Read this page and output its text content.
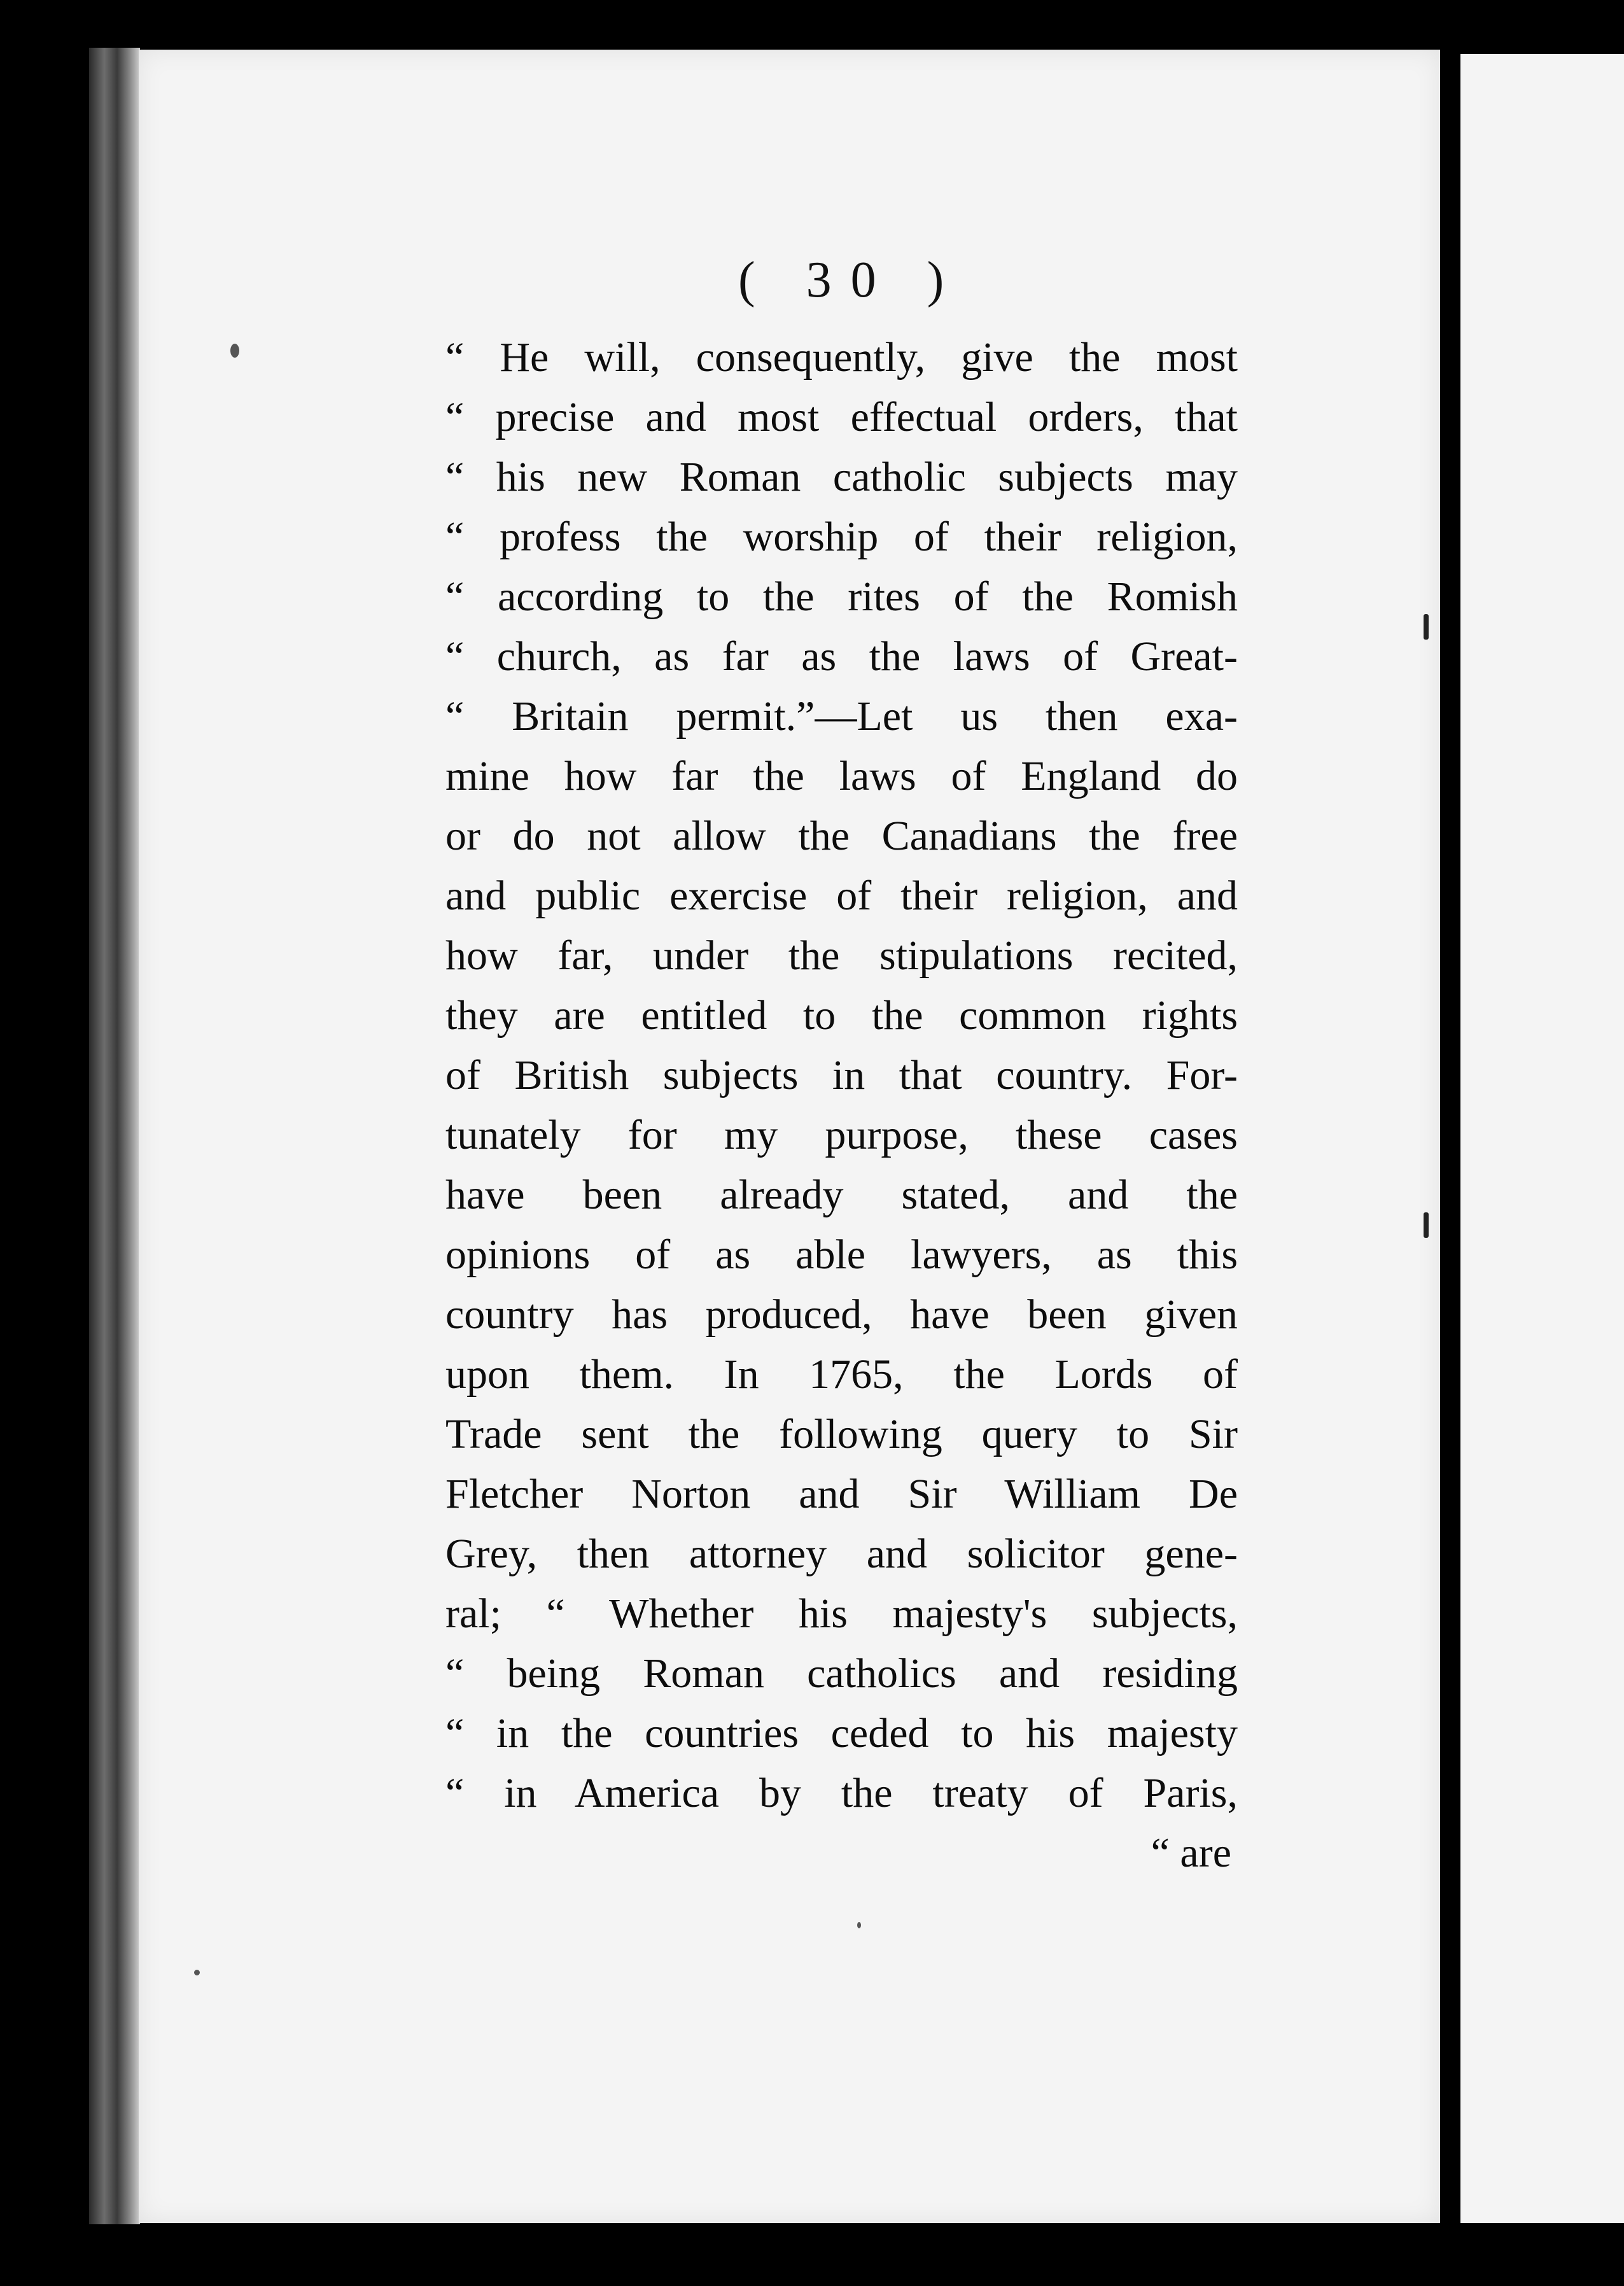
( 30 )
“ He will, consequently, give the most
“ precise and most effectual orders, that
“ his new Roman catholic subjects may
“ profess the worship of their religion,
“ according to the rites of the Romish
“ church, as far as the laws of Great-
“ Britain permit.”—Let us then exa-
mine how far the laws of England do
or do not allow the Canadians the free
and public exercise of their religion, and
how far, under the stipulations recited,
they are entitled to the common rights
of British subjects in that country. For-
tunately for my purpose, these cases
have been already stated, and the
opinions of as able lawyers, as this
country has produced, have been given
upon them. In 1765, the Lords of
Trade sent the following query to Sir
Fletcher Norton and Sir William De
Grey, then attorney and solicitor gene-
ral; “ Whether his majesty's subjects,
“ being Roman catholics and residing
“ in the countries ceded to his majesty
“ in America by the treaty of Paris,
“ are
